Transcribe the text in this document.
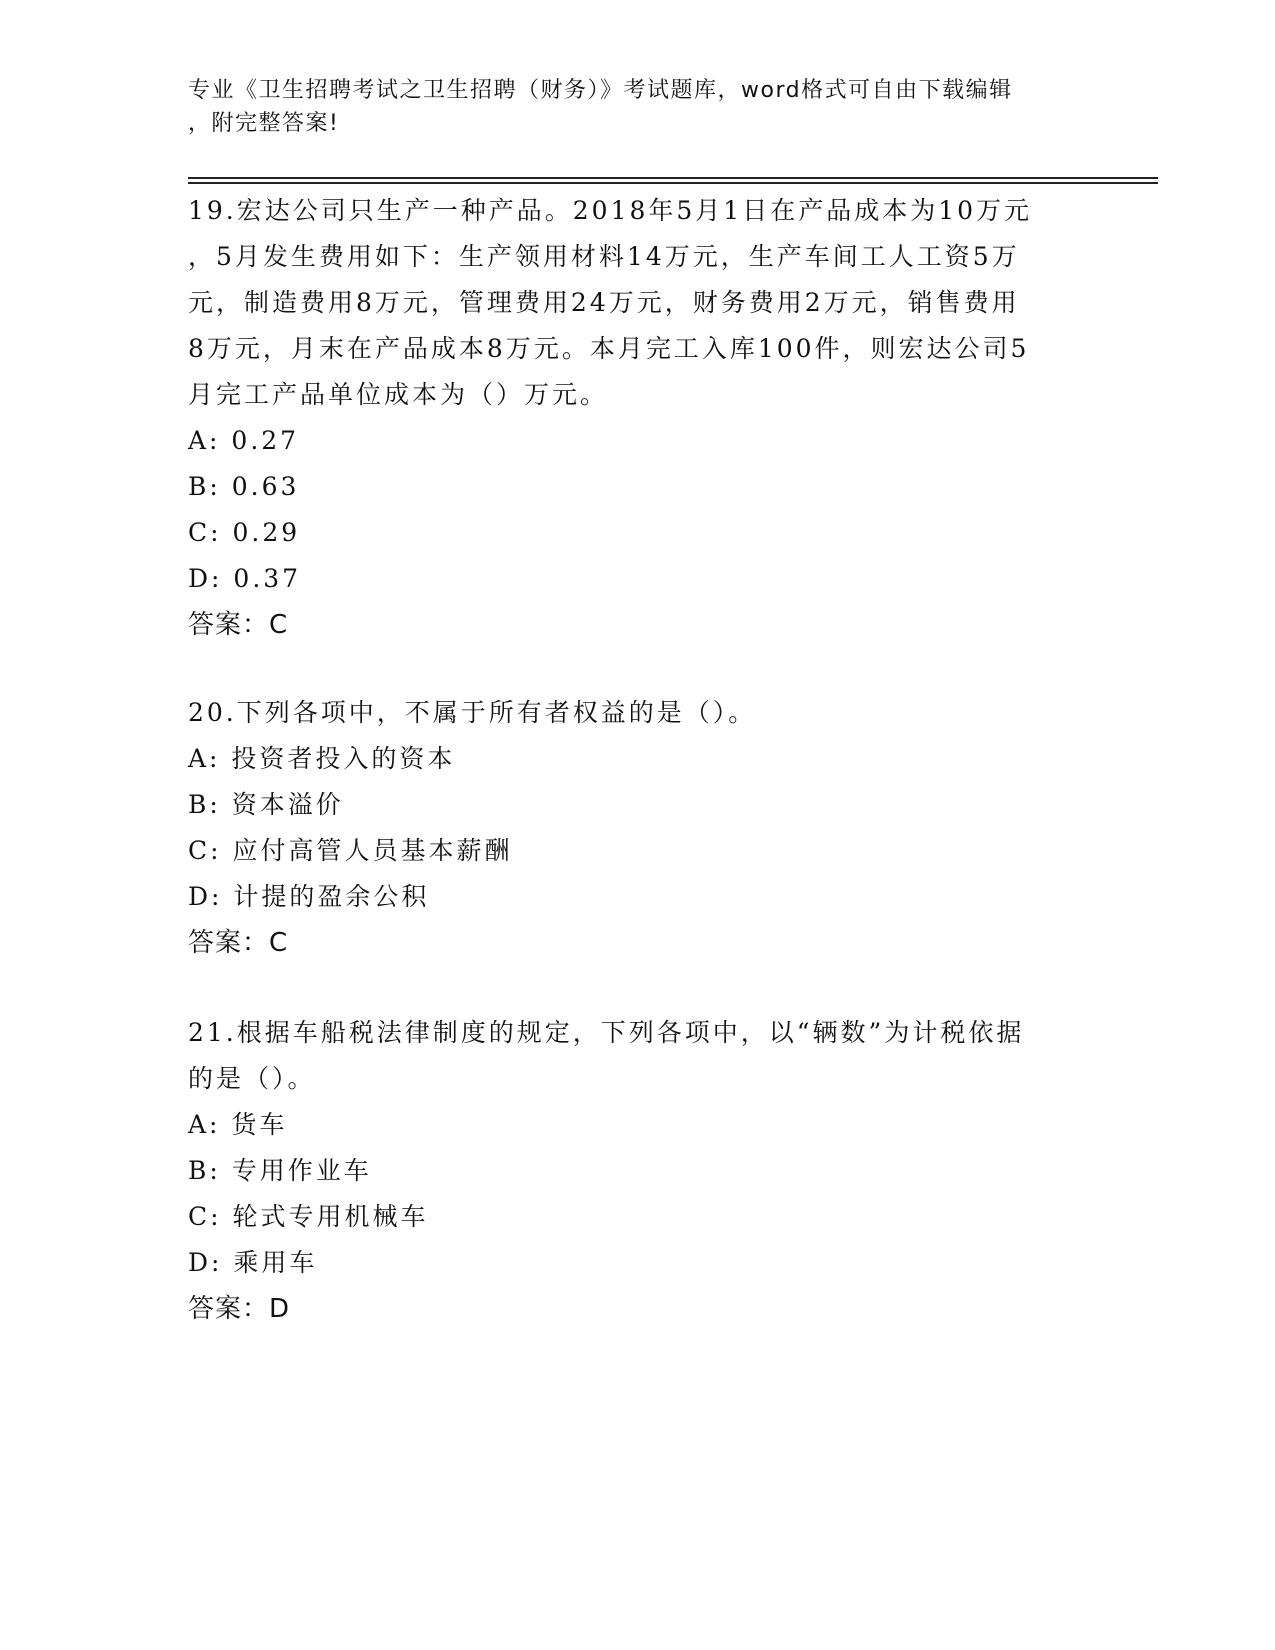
专业《卫生招聘考试之卫生招聘（财务）》考试题库，word格式可自由下载编辑
，附完整答案!

19.宏达公司只生产一种产品。2018年5月1日在产品成本为10万元

，5月发生费用如下：生产领用材料14万元，生产车间工人工资5万

元，制造费用8万元，管理费用24万元，财务费用2万元，销售费用

8万元，月末在产品成本8万元。本月完工入库100件，则宏达公司5

月完工产品单位成本为（）万元。

A: 0.27

B: 0.63

C: 0.29

D: 0.37

答案：C

20.下列各项中，不属于所有者权益的是（）。

A: 投资者投入的资本

B: 资本溢价

C: 应付高管人员基本薪酬

D: 计提的盈余公积

答案：C

21.根据车船税法律制度的规定，下列各项中，以“辆数”为计税依据

的是（）。

A: 货车

B: 专用作业车

C: 轮式专用机械车

D: 乘用车

答案：D
